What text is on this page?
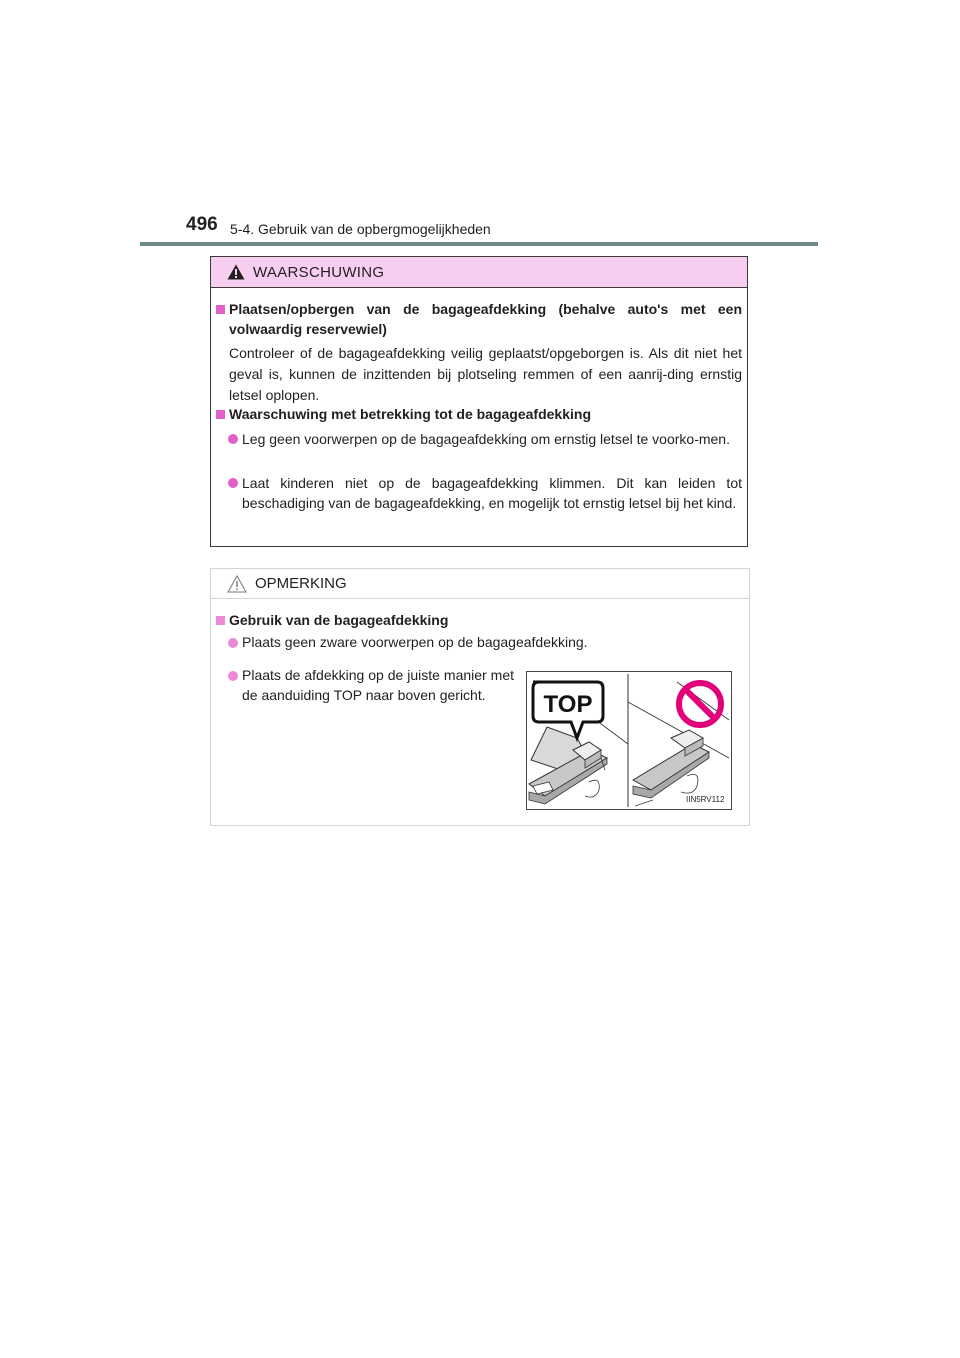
496 5-4. Gebruik van de opbergmogelijkheden
WAARSCHUWING
Plaatsen/opbergen van de bagageafdekking (behalve auto's met een volwaardig reservewiel)
Controleer of de bagageafdekking veilig geplaatst/opgeborgen is. Als dit niet het geval is, kunnen de inzittenden bij plotseling remmen of een aanrij-ding ernstig letsel oplopen.
Waarschuwing met betrekking tot de bagageafdekking
Leg geen voorwerpen op de bagageafdekking om ernstig letsel te voorko-men.
Laat kinderen niet op de bagageafdekking klimmen. Dit kan leiden tot beschadiging van de bagageafdekking, en mogelijk tot ernstig letsel bij het kind.
OPMERKING
Gebruik van de bagageafdekking
Plaats geen zware voorwerpen op de bagageafdekking.
Plaats de afdekking op de juiste manier met de aanduiding TOP naar boven gericht.	TOP
IIN5RV112
